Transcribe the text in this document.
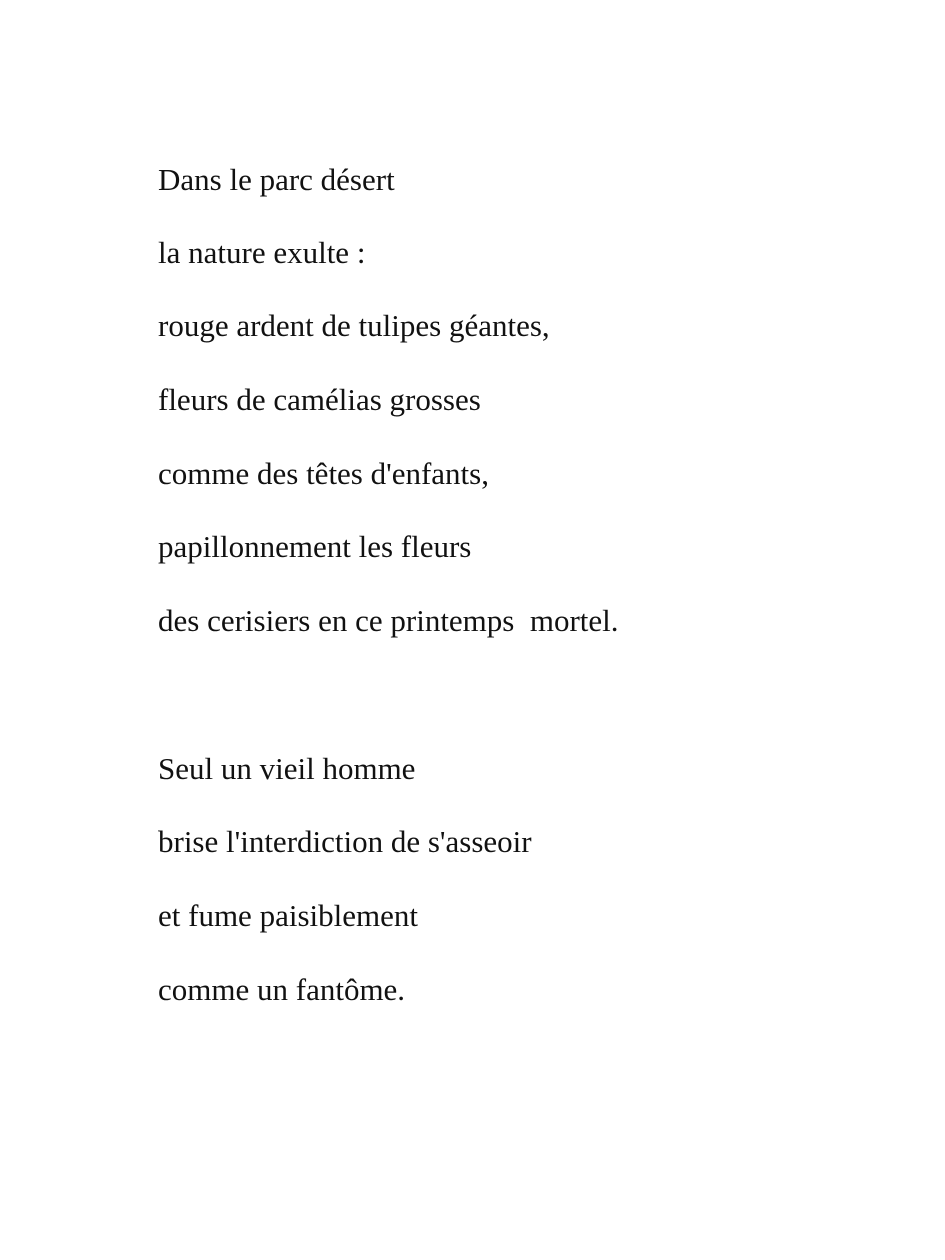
Dans le parc désert

la nature exulte :

rouge ardent de tulipes géantes,

fleurs de camélias grosses

comme des têtes d'enfants,

papillonnement les fleurs

des cerisiers en ce printemps  mortel.

Seul un vieil homme

brise l'interdiction de s'asseoir

et fume paisiblement

comme un fantôme.
